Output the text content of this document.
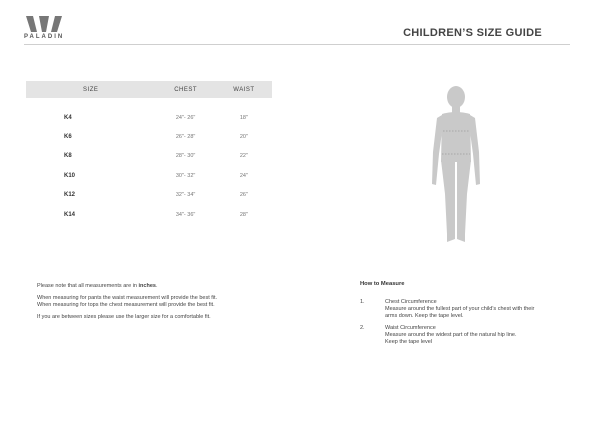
PALADIN	CHILDREN’S SIZE GUIDE
SIZE	CHEST	WAIST
K4	24"- 26"	18"
K6	26"- 28"	20"
K8	28"- 30"	22"
K10	30"- 32"	24"
K12	32"- 34"	26"
K14	34"- 36"	28"

Please note that all measurements are in inches.

When measuring for pants the waist measurement will provide the best fit.
When measuring for tops the chest measurement will provide the best fit.

If you are between sizes please use the larger size for a comfortable fit.

How to Measure
1.	Chest Circumference
Measure around the fullest part of your child’s chest with their
arms down. Keep the tape level.
2.	Waist Circumference
Measure around the widest part of the natural hip line.
Keep the tape level
